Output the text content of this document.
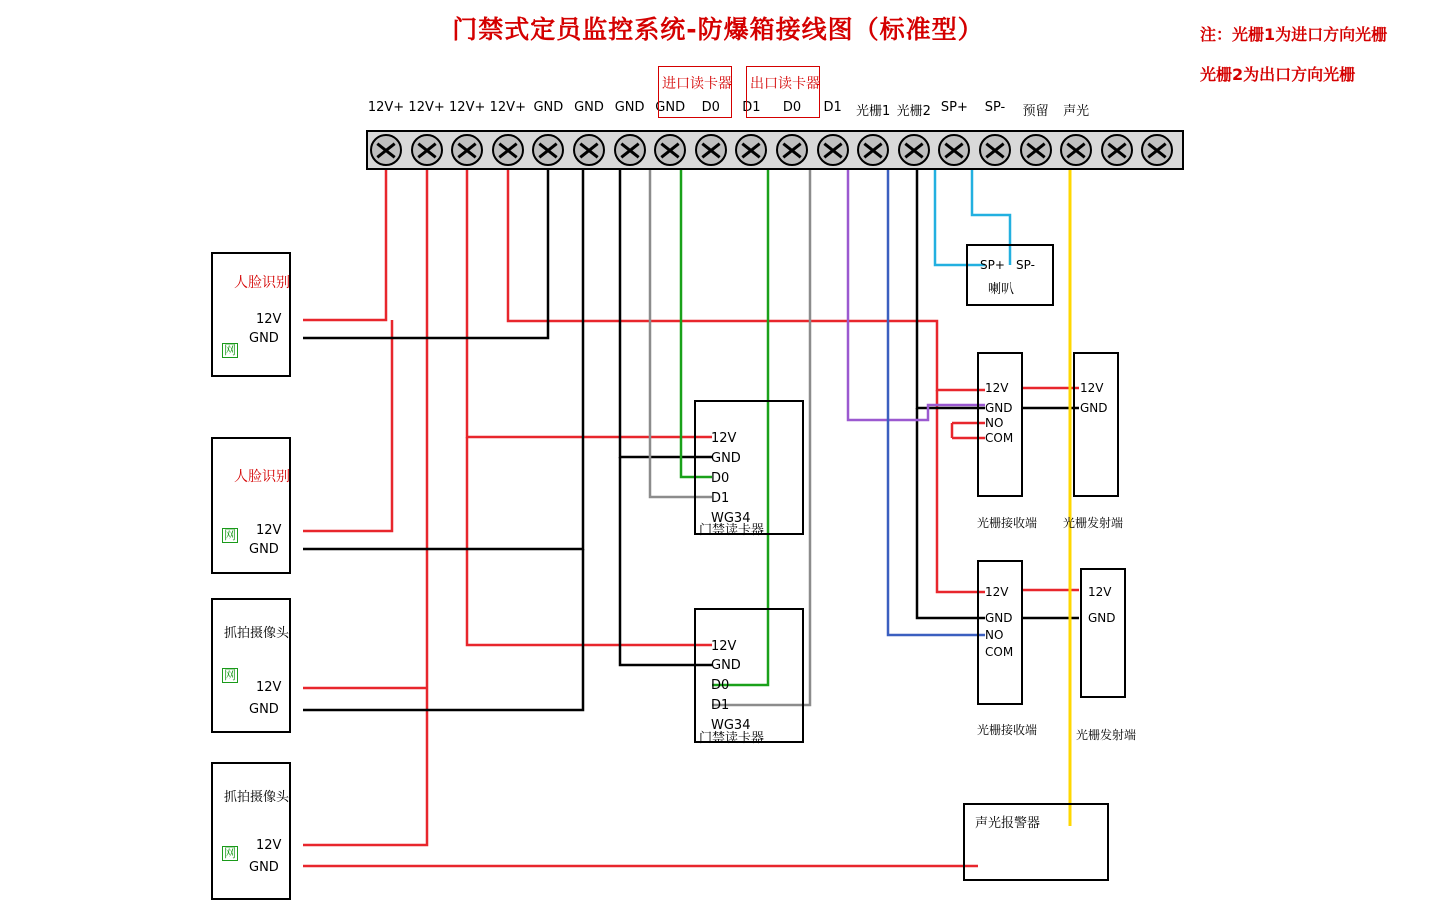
门禁式定员监控系统-防爆箱接线图（标准型）	注：光栅1为进口方向光栅
光栅2为出口方向光栅
12V+ 12V+ 12V+ 12V+ GND GND GND GND D0 D1 D0 D1 光栅1 光栅2 SP+ SP- 预留 声光
进口读卡器 出口读卡器
人脸识别
12V
GND
网
人脸识别
12V
GND
网
抓拍摄像头
12V
GND
网
抓拍摄像头
12V
GND
网
12V
GND
D0
D1
WG34
门禁读卡器
12V
GND
D0
D1
WG34
门禁读卡器
SP+ SP-
喇叭
12V
GND
NO
COM
光栅接收端
12V
GND
光栅发射端
12V
GND
NO
COM
光栅接收端
12V
GND
光栅发射端
声光报警器
